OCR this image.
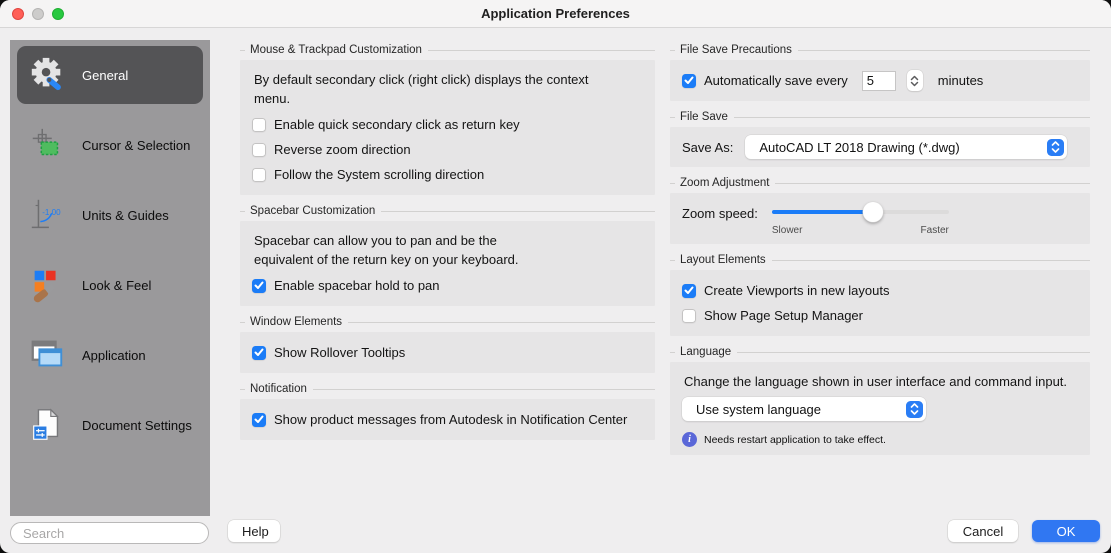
Application Preferences
General
Cursor & Selection
-1.00 Units & Guides
Look & Feel
Application
Document Settings
Mouse & Trackpad Customization
By default secondary click (right click) displays the context menu.
Enable quick secondary click as return key
Reverse zoom direction
Follow the System scrolling direction
Spacebar Customization
Spacebar can allow you to pan and be the equivalent of the return key on your keyboard.
Enable spacebar hold to pan
Window Elements
Show Rollover Tooltips
Notification
Show product messages from Autodesk in Notification Center
File Save Precautions
Automatically save every
5	minutes
File Save
Save As: AutoCAD LT 2018 Drawing (*.dwg)
Zoom Adjustment
Zoom speed:
Slower	Faster
Layout Elements
Create Viewports in new layouts
Show Page Setup Manager
Language
Change the language shown in user interface and command input.
Use system language
i	Needs restart application to take effect.
Search
Help	Cancel	OK
